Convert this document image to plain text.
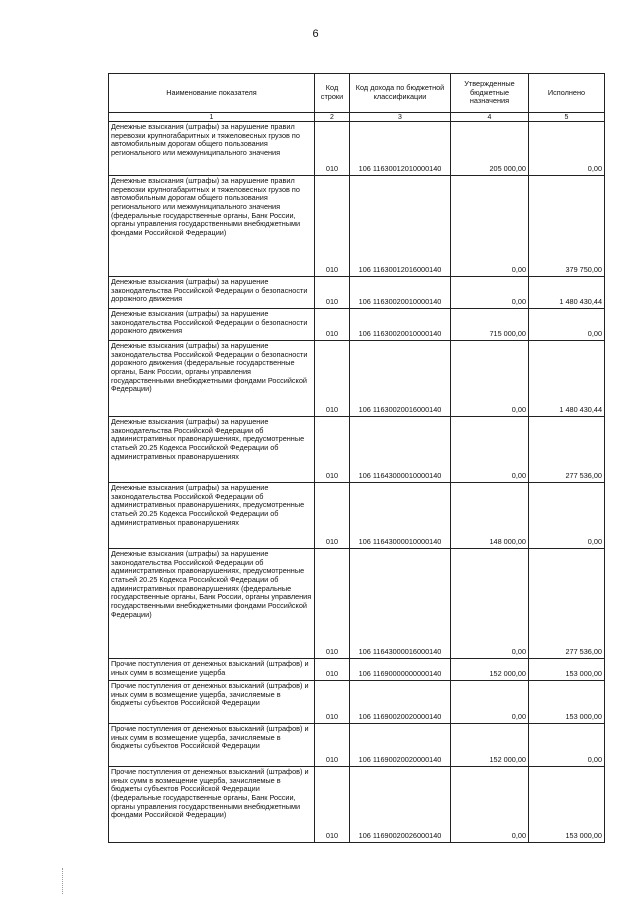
6
Наименование показателя	Код строки	Код дохода по бюджетной классификации	Утвержденные бюджетные назначения	Исполнено
1	2	3	4	5
Денежные взыскания (штрафы) за нарушение правил перевозки крупногабаритных и тяжеловесных грузов по автомобильным дорогам общего пользования регионального или межмуниципального значения	010	106 11630012010000140	205 000,00	0,00
Денежные взыскания (штрафы) за нарушение правил перевозки крупногабаритных и тяжеловесных грузов по автомобильным дорогам общего пользования регионального или межмуниципального значения (федеральные государственные органы, Банк России, органы управления государственными внебюджетными фондами Российской Федерации)	010	106 11630012016000140	0,00	379 750,00
Денежные взыскания (штрафы) за нарушение законодательства Российской Федерации о безопасности дорожного движения	010	106 11630020010000140	0,00	1 480 430,44
Денежные взыскания (штрафы) за нарушение законодательства Российской Федерации о безопасности дорожного движения	010	106 11630020010000140	715 000,00	0,00
Денежные взыскания (штрафы) за нарушение законодательства Российской Федерации о безопасности дорожного движения (федеральные государственные органы, Банк России, органы управления государственными внебюджетными фондами Российской Федерации)	010	106 11630020016000140	0,00	1 480 430,44
Денежные взыскания (штрафы) за нарушение законодательства Российской Федерации об административных правонарушениях, предусмотренные статьей 20.25 Кодекса Российской Федерации об административных правонарушениях	010	106 11643000010000140	0,00	277 536,00
Денежные взыскания (штрафы) за нарушение законодательства Российской Федерации об административных правонарушениях, предусмотренные статьей 20.25 Кодекса Российской Федерации об административных правонарушениях	010	106 11643000010000140	148 000,00	0,00
Денежные взыскания (штрафы) за нарушение законодательства Российской Федерации об административных правонарушениях, предусмотренные статьей 20.25 Кодекса Российской Федерации об административных правонарушениях (федеральные государственные органы, Банк России, органы управления государственными внебюджетными фондами Российской Федерации)	010	106 11643000016000140	0,00	277 536,00
Прочие поступления от денежных взысканий (штрафов) и иных сумм в возмещение ущерба	010	106 11690000000000140	152 000,00	153 000,00
Прочие поступления от денежных взысканий (штрафов) и иных сумм в возмещение ущерба, зачисляемые в бюджеты субъектов Российской Федерации	010	106 11690020020000140	0,00	153 000,00
Прочие поступления от денежных взысканий (штрафов) и иных сумм в возмещение ущерба, зачисляемые в бюджеты субъектов Российской Федерации	010	106 11690020020000140	152 000,00	0,00
Прочие поступления от денежных взысканий (штрафов) и иных сумм в возмещение ущерба, зачисляемые в бюджеты субъектов Российской Федерации (федеральные государственные органы, Банк России, органы управления государственными внебюджетными фондами Российской Федерации)	010	106 11690020026000140	0,00	153 000,00
